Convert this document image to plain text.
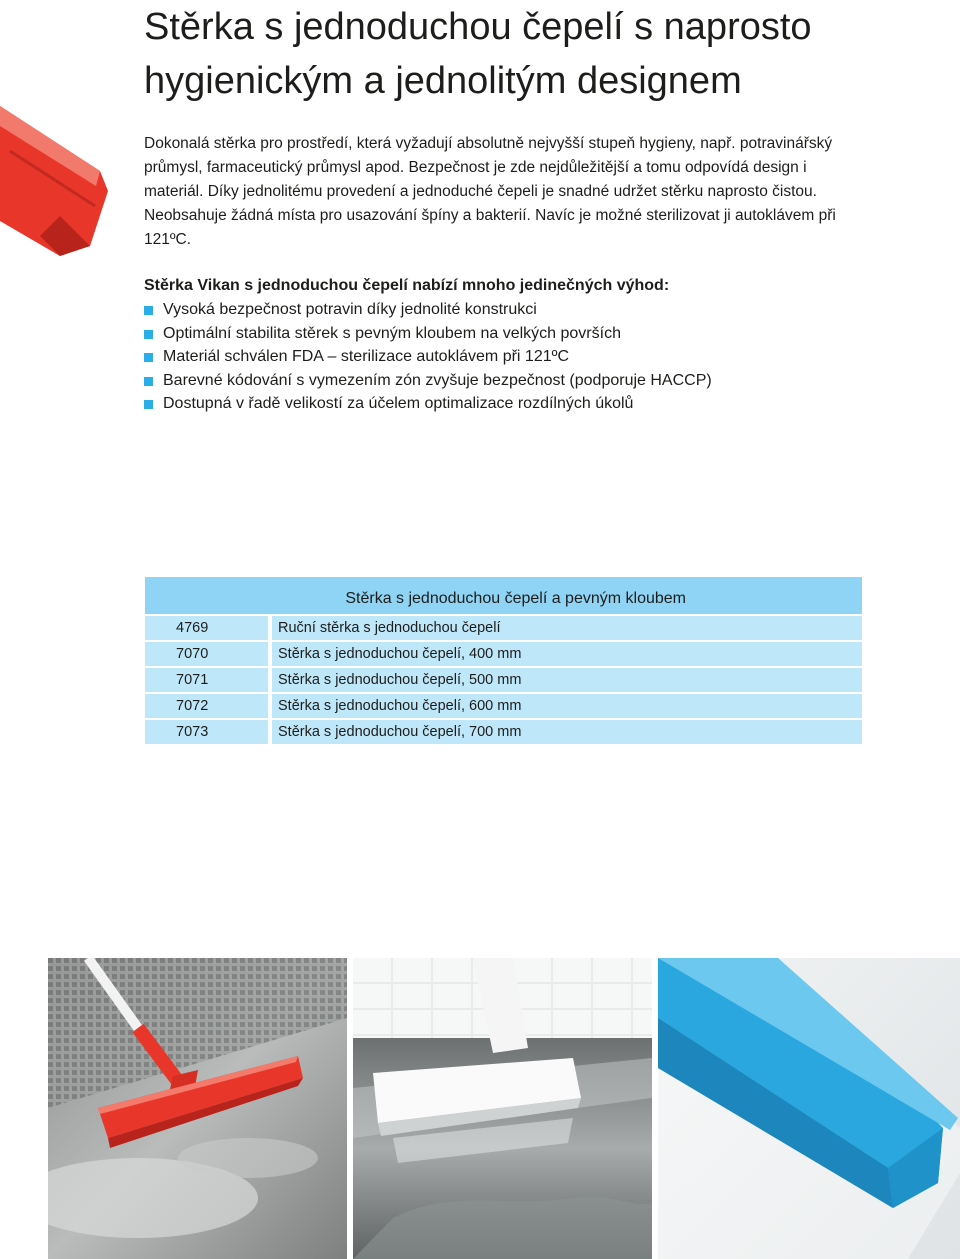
Stěrka s jednoduchou čepelí s naprosto hygienickým a jednolitým designem

Dokonalá stěrka pro prostředí, která vyžadují absolutně nejvyšší stupeň hygieny, např. potravinářský průmysl, farmaceutický průmysl apod. Bezpečnost je zde nejdůležitější a tomu odpovídá design i materiál. Díky jednolitému provedení a jednoduché čepeli je snadné udržet stěrku naprosto čistou. Neobsahuje žádná místa pro usazování špíny a bakterií. Navíc je možné sterilizovat ji autoklávem při 121ºC.

Stěrka Vikan s jednoduchou čepelí nabízí mnoho jedinečných výhod:
Vysoká bezpečnost potravin díky jednolité konstrukci
Optimální stabilita stěrek s pevným kloubem na velkých površích
Materiál schválen FDA – sterilizace autoklávem při 121ºC
Barevné kódování s vymezením zón zvyšuje bezpečnost (podporuje HACCP)
Dostupná v řadě velikostí za účelem optimalizace rozdílných úkolů
Stěrka s jednoduchou čepelí a pevným kloubem	
4769	Ruční stěrka s jednoduchou čepelí
7070	Stěrka s jednoduchou čepelí, 400 mm
7071	Stěrka s jednoduchou čepelí, 500 mm
7072	Stěrka s jednoduchou čepelí, 600 mm
7073	Stěrka s jednoduchou čepelí, 700 mm
